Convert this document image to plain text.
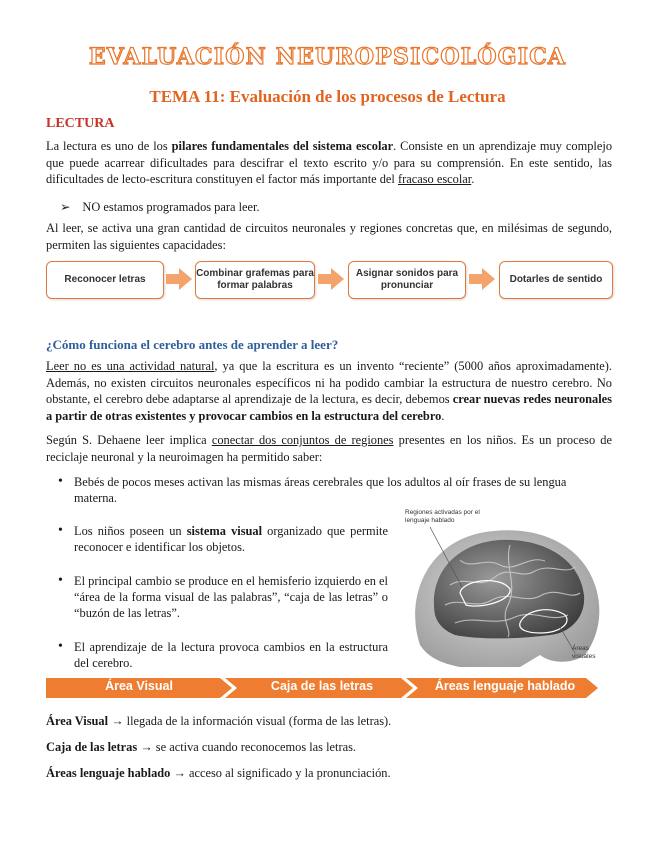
EVALUACIÓN NEUROPSICOLÓGICA
TEMA 11: Evaluación de los procesos de Lectura
LECTURA

La lectura es uno de los pilares fundamentales del sistema escolar. Consiste en un aprendizaje muy complejo que puede acarrear dificultades para descifrar el texto escrito y/o para su comprensión. En este sentido, las dificultades de lecto-escritura constituyen el factor más importante del fracaso escolar.

➢ NO estamos programados para leer.

Al leer, se activa una gran cantidad de circuitos neuronales y regiones concretas que, en milésimas de segundo, permiten las siguientes capacidades:

Reconocer letras
Combinar grafemas para formar palabras
Asignar sonidos para pronunciar
Dotarles de sentido
¿Cómo funciona el cerebro antes de aprender a leer?

Leer no es una actividad natural, ya que la escritura es un invento “reciente” (5000 años aproximadamente). Además, no existen circuitos neuronales específicos ni ha podido cambiar la estructura de nuestro cerebro. No obstante, el cerebro debe adaptarse al aprendizaje de la lectura, es decir, debemos crear nuevas redes neuronales a partir de otras existentes y provocar cambios en la estructura del cerebro.

Según S. Dehaene leer implica conectar dos conjuntos de regiones presentes en los niños. Es un proceso de reciclaje neuronal y la neuroimagen ha permitido saber:

• Bebés de pocos meses activan las mismas áreas cerebrales que los adultos al oír frases de su lengua materna.
• Los niños poseen un sistema visual organizado que permite reconocer e identificar los objetos.
• El principal cambio se produce en el hemisferio izquierdo en el “área de la forma visual de las palabras”, “caja de las letras” o “buzón de las letras”.
• El aprendizaje de la lectura provoca cambios en la estructura del cerebro.
Regiones activadas por el lenguaje hablado
Áreas visuales
Área Visual	Caja de las letras	Áreas lenguaje hablado
Área Visual → llegada de la información visual (forma de las letras).
Caja de las letras → se activa cuando reconocemos las letras.
Áreas lenguaje hablado → acceso al significado y la pronunciación.
